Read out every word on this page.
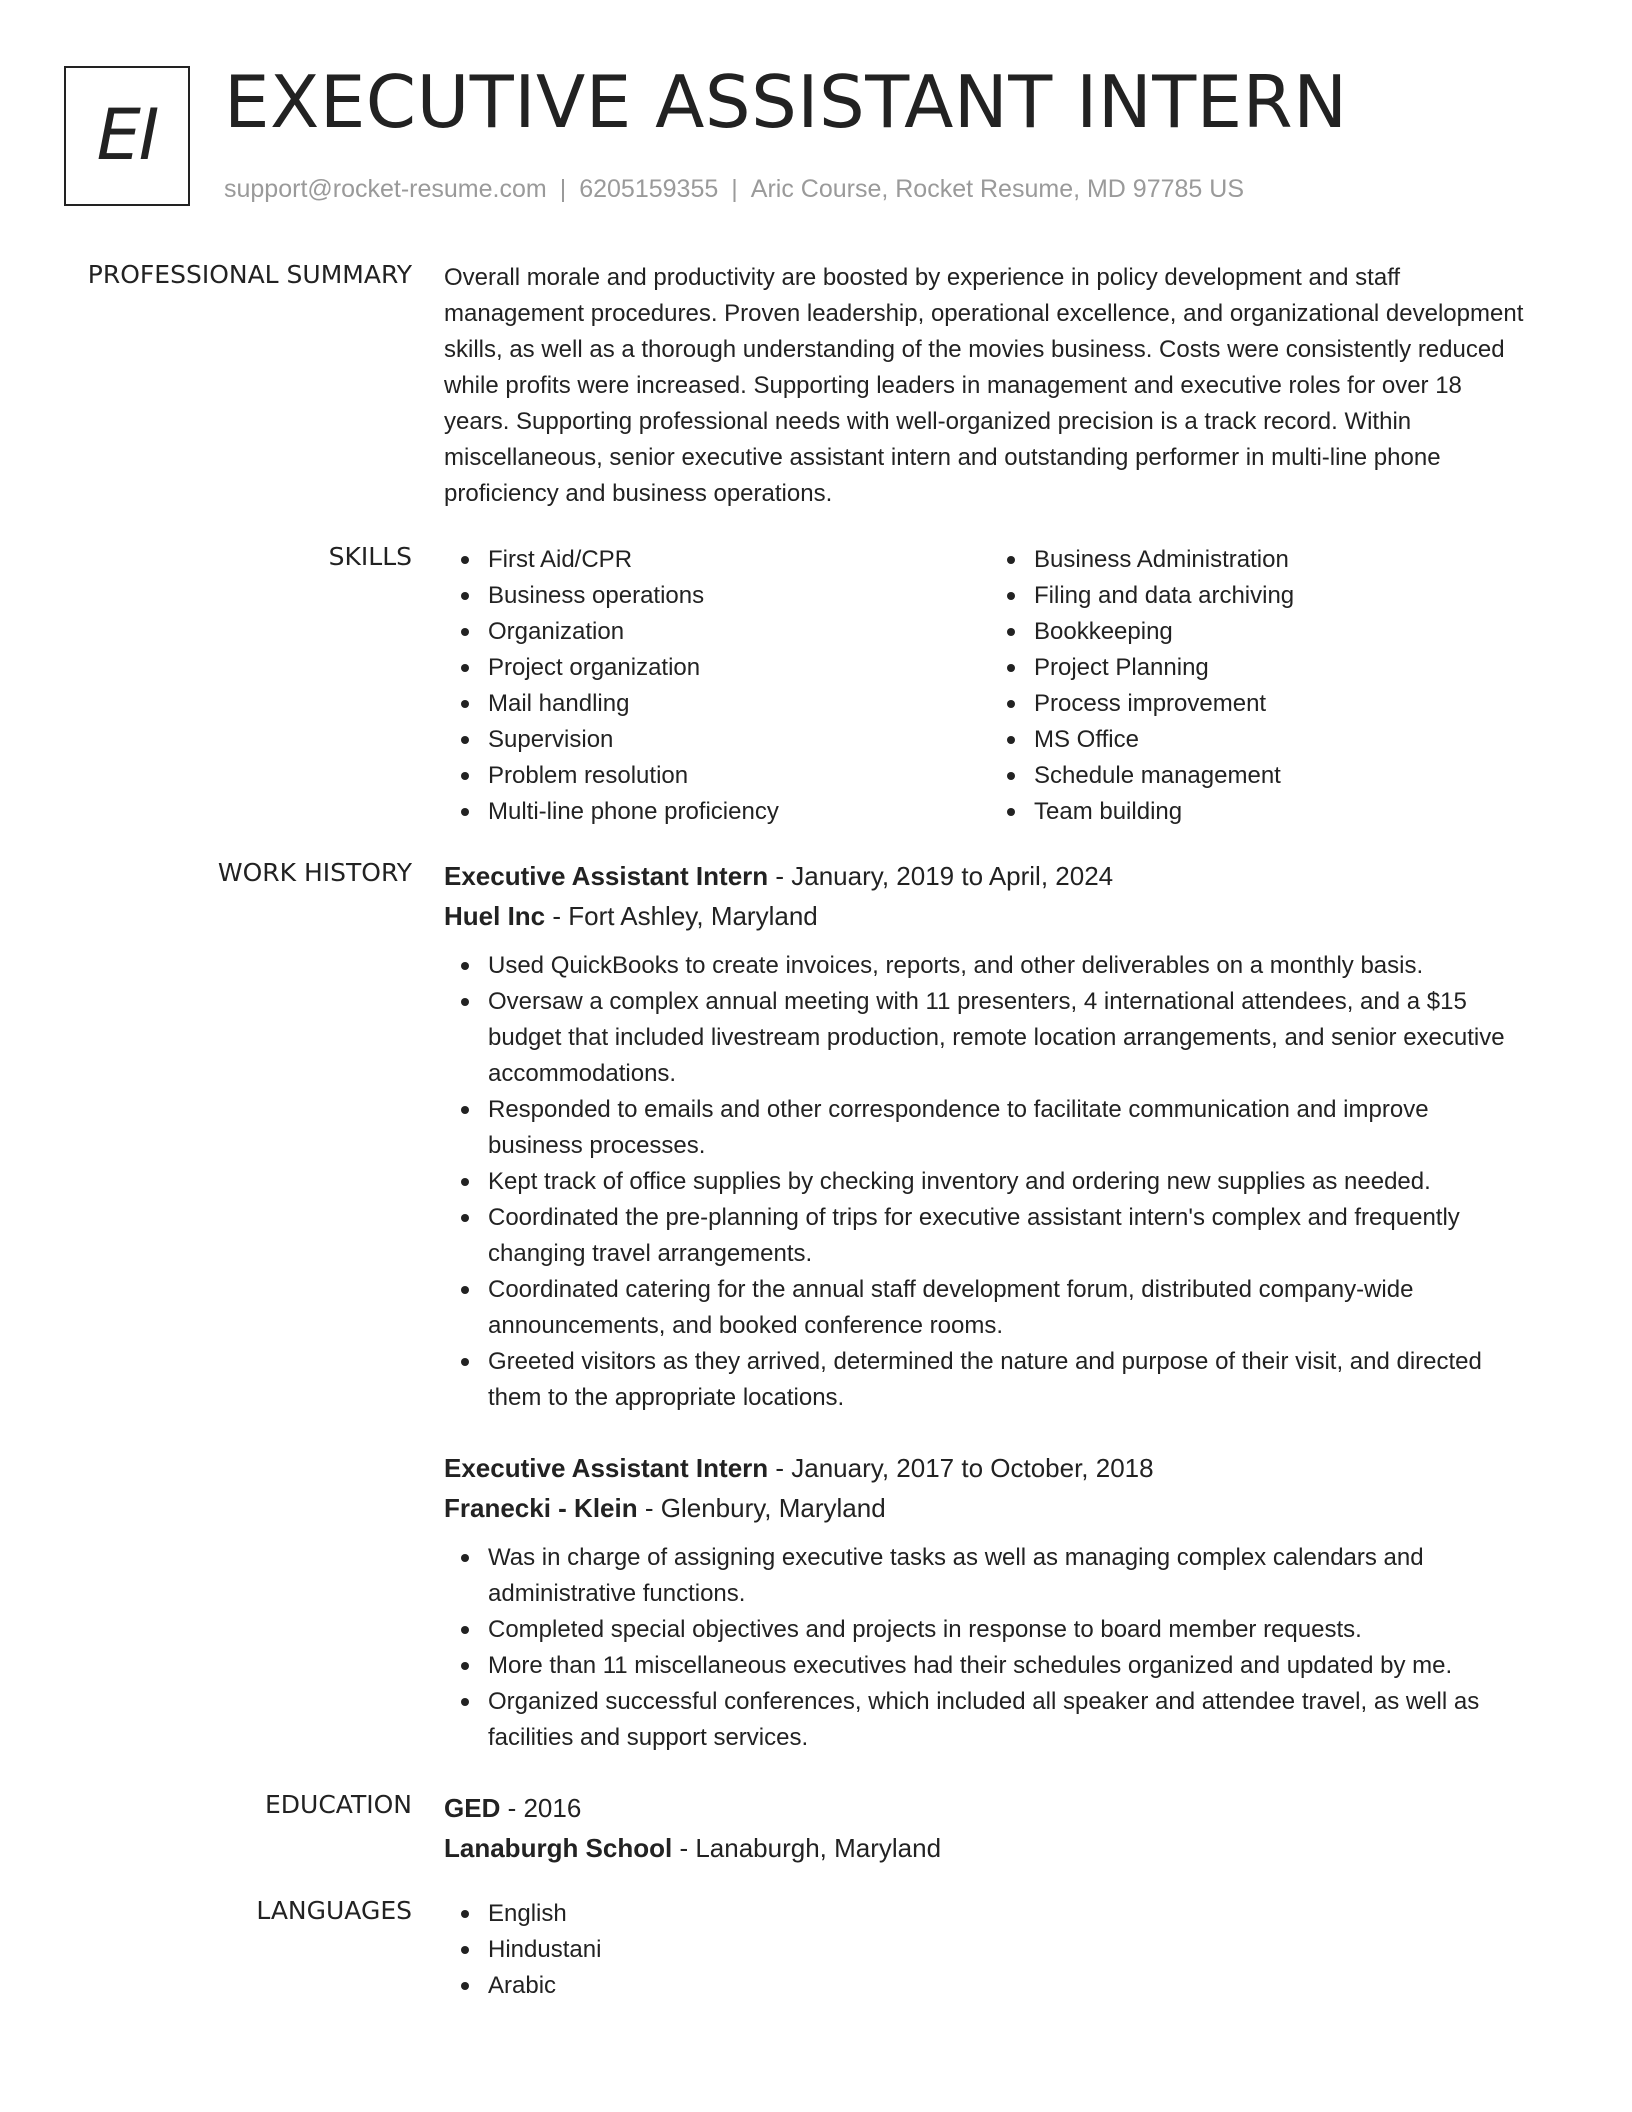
EI EXECUTIVE ASSISTANT INTERN
support@rocket-resume.com | 6205159355 | Aric Course, Rocket Resume, MD 97785 US
PROFESSIONAL SUMMARY Overall morale and productivity are boosted by experience in policy development and staff
management procedures. Proven leadership, operational excellence, and organizational development
skills, as well as a thorough understanding of the movies business. Costs were consistently reduced
while profits were increased. Supporting leaders in management and executive roles for over 18
years. Supporting professional needs with well-organized precision is a track record. Within
miscellaneous, senior executive assistant intern and outstanding performer in multi-line phone
proficiency and business operations.

SKILLS	First Aid/CPR
Business operations
Organization
Project organization
Mail handling
Supervision
Problem resolution
Multi-line phone proficiency
Business Administration
Filing and data archiving
Bookkeeping
Project Planning
Process improvement
MS Office
Schedule management
Team building
WORK HISTORY Executive Assistant Intern - January, 2019 to April, 2024
Huel Inc - Fort Ashley, Maryland
Used QuickBooks to create invoices, reports, and other deliverables on a monthly basis.
Oversaw a complex annual meeting with 11 presenters, 4 international attendees, and a $15
budget that included livestream production, remote location arrangements, and senior executive
accommodations.
Responded to emails and other correspondence to facilitate communication and improve
business processes.
Kept track of office supplies by checking inventory and ordering new supplies as needed.
Coordinated the pre-planning of trips for executive assistant intern's complex and frequently
changing travel arrangements.
Coordinated catering for the annual staff development forum, distributed company-wide
announcements, and booked conference rooms.
Greeted visitors as they arrived, determined the nature and purpose of their visit, and directed
them to the appropriate locations.
Executive Assistant Intern - January, 2017 to October, 2018
Franecki - Klein - Glenbury, Maryland
Was in charge of assigning executive tasks as well as managing complex calendars and
administrative functions.
Completed special objectives and projects in response to board member requests.
More than 11 miscellaneous executives had their schedules organized and updated by me.
Organized successful conferences, which included all speaker and attendee travel, as well as
facilities and support services.
EDUCATION GED - 2016
Lanaburgh School - Lanaburgh, Maryland
LANGUAGES	English
Hindustani
Arabic
